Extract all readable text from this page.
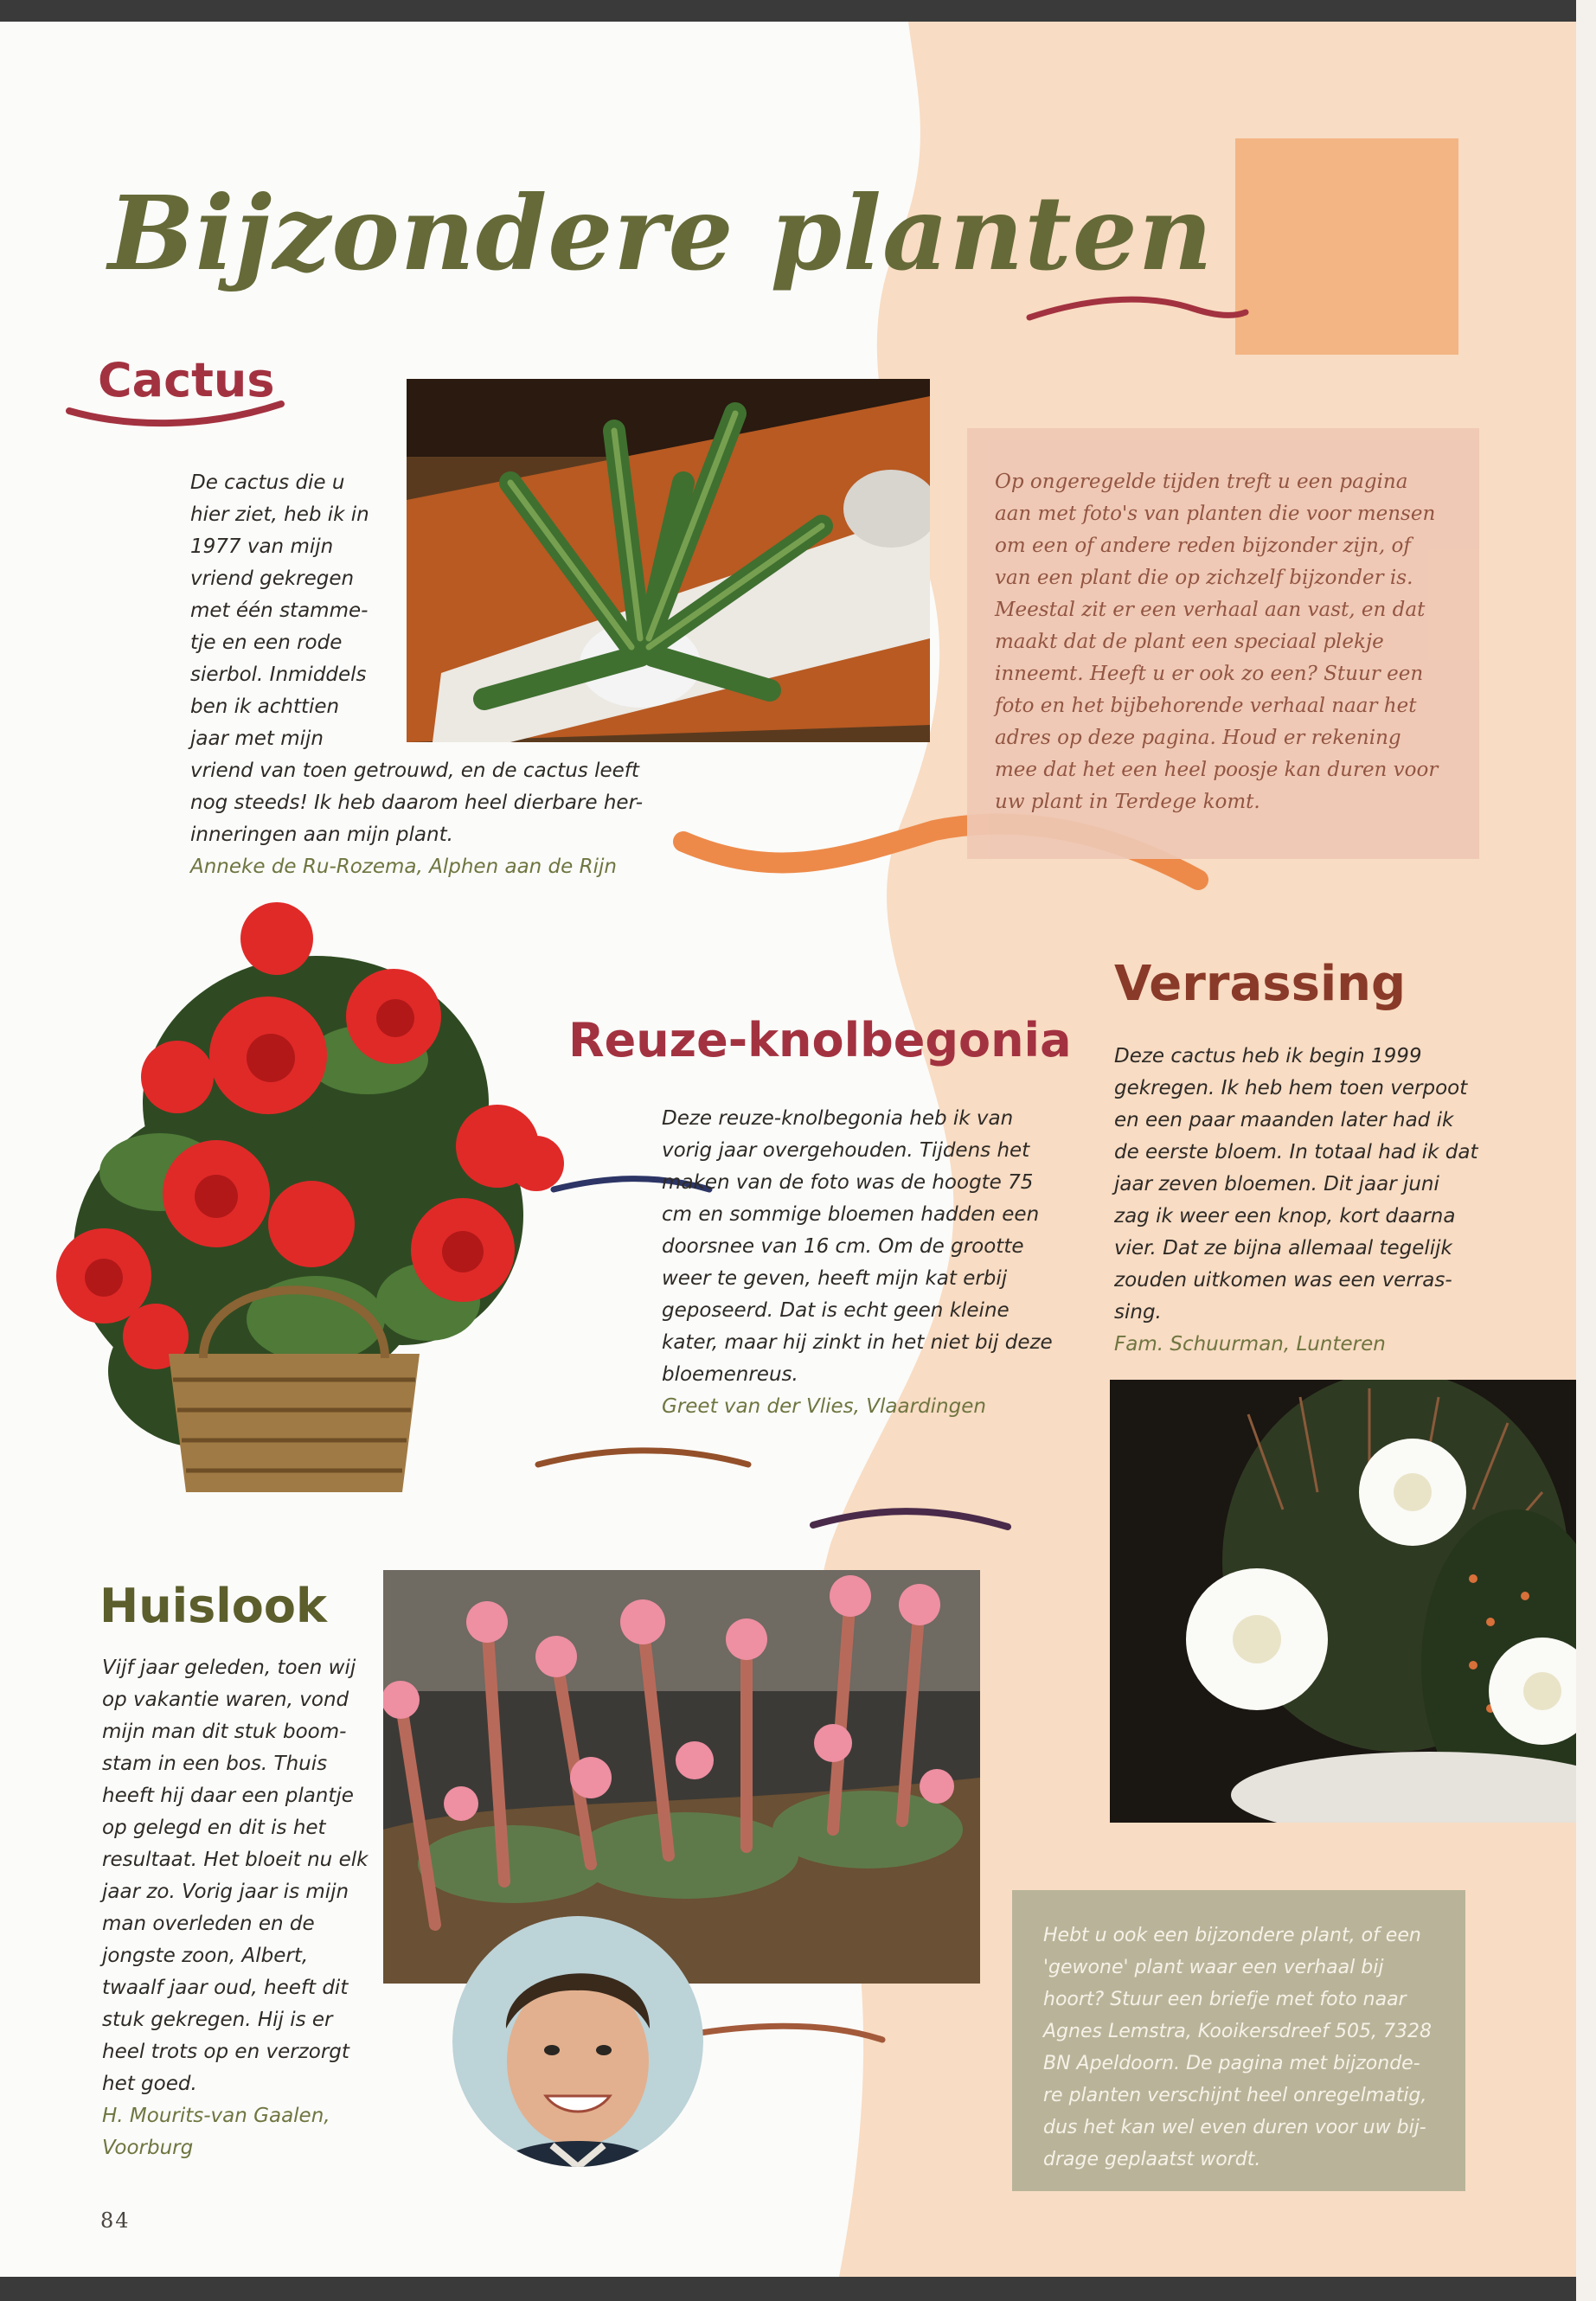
Bijzondere planten
Cactus

De cactus die u
hier ziet, heb ik in
1977 van mijn
vriend gekregen
met één stamme-
tje en een rode
sierbol. Inmiddels
ben ik achttien
jaar met mijn
vriend van toen getrouwd, en de cactus leeft
nog steeds! Ik heb daarom heel dierbare her-
inneringen aan mijn plant.
Anneke de Ru-Rozema, Alphen aan de Rijn

Op ongeregelde tijden treft u een pagina
aan met foto's van planten die voor mensen
om een of andere reden bijzonder zijn, of
van een plant die op zichzelf bijzonder is.
Meestal zit er een verhaal aan vast, en dat
maakt dat de plant een speciaal plekje
inneemt. Heeft u er ook zo een? Stuur een
foto en het bijbehorende verhaal naar het
adres op deze pagina. Houd er rekening
mee dat het een heel poosje kan duren voor
uw plant in Terdege komt.

Reuze-knolbegonia

Deze reuze-knolbegonia heb ik van
vorig jaar overgehouden. Tijdens het
maken van de foto was de hoogte 75
cm en sommige bloemen hadden een
doorsnee van 16 cm. Om de grootte
weer te geven, heeft mijn kat erbij
geposeerd. Dat is echt geen kleine
kater, maar hij zinkt in het niet bij deze
bloemenreus.
Greet van der Vlies, Vlaardingen

Verrassing

Deze cactus heb ik begin 1999
gekregen. Ik heb hem toen verpoot
en een paar maanden later had ik
de eerste bloem. In totaal had ik dat
jaar zeven bloemen. Dit jaar juni
zag ik weer een knop, kort daarna
vier. Dat ze bijna allemaal tegelijk
zouden uitkomen was een verras-
sing.
Fam. Schuurman, Lunteren

Huislook

Vijf jaar geleden, toen wij
op vakantie waren, vond
mijn man dit stuk boom-
stam in een bos. Thuis
heeft hij daar een plantje
op gelegd en dit is het
resultaat. Het bloeit nu elk
jaar zo. Vorig jaar is mijn
man overleden en de
jongste zoon, Albert,
twaalf jaar oud, heeft dit
stuk gekregen. Hij is er
heel trots op en verzorgt
het goed.
H. Mourits-van Gaalen,
Voorburg

Hebt u ook een bijzondere plant, of een
'gewone' plant waar een verhaal bij
hoort? Stuur een briefje met foto naar
Agnes Lemstra, Kooikersdreef 505, 7328
BN Apeldoorn. De pagina met bijzonde-
re planten verschijnt heel onregelmatig,
dus het kan wel even duren voor uw bij-
drage geplaatst wordt.

84
